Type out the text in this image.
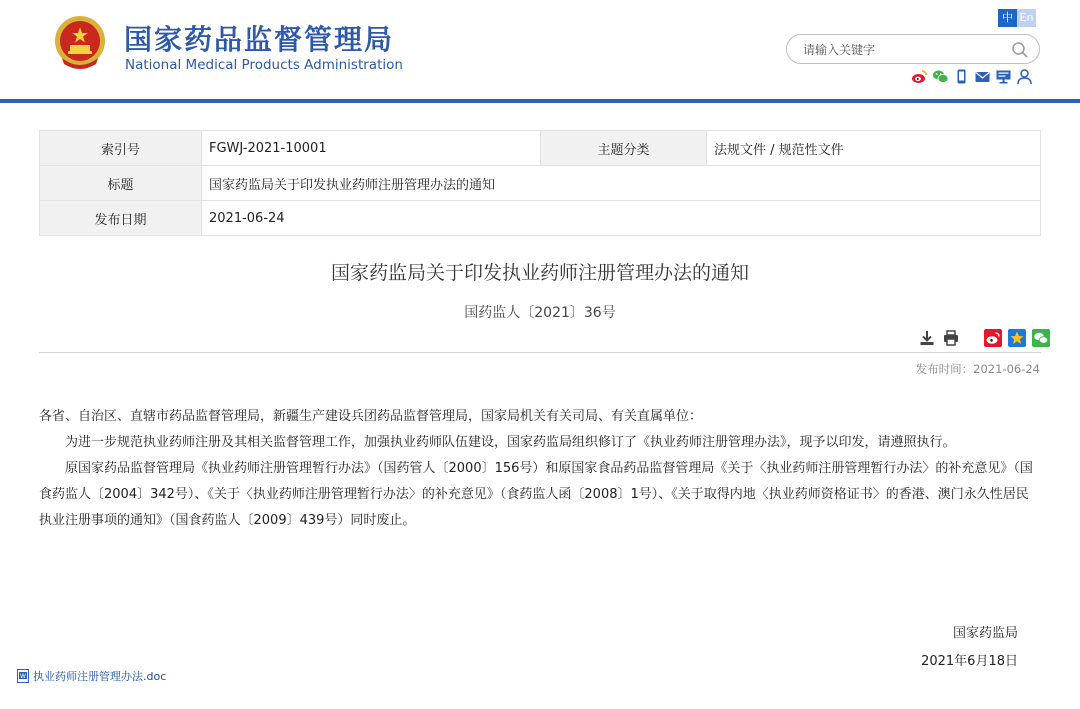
国家药品监督管理局
National Medical Products Administration
中 En
请输入关键字
索引号	FGWJ-2021-10001	主题分类	法规文件 / 规范性文件
标题	国家药监局关于印发执业药师注册管理办法的通知		
发布日期	2021-06-24		
国家药监局关于印发执业药师注册管理办法的通知
国药监人〔2021〕36号
发布时间：2021-06-24

各省、自治区、直辖市药品监督管理局，新疆生产建设兵团药品监督管理局，国家局机关有关司局、有关直属单位：

为进一步规范执业药师注册及其相关监督管理工作，加强执业药师队伍建设，国家药监局组织修订了《执业药师注册管理办法》，现予以印发，请遵照执行。

原国家药品监督管理局《执业药师注册管理暂行办法》（国药管人〔2000〕156号）和原国家食品药品监督管理局《关于〈执业药师注册管理暂行办法〉的补充意见》（国食药监人〔2004〕342号）、《关于〈执业药师注册管理暂行办法〉的补充意见》（食药监人函〔2008〕1号）、《关于取得内地〈执业药师资格证书〉的香港、澳门永久性居民执业注册事项的通知》（国食药监人〔2009〕439号）同时废止。

国家药监局
2021年6月18日
W 执业药师注册管理办法.doc
